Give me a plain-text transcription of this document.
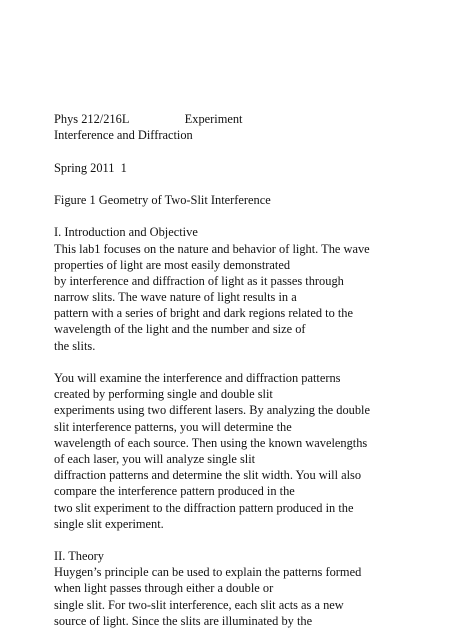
Phys 212/216L                  Experiment
Interference and Diffraction
Spring 2011  1
Figure 1 Geometry of Two-Slit Interference
I. Introduction and Objective
This lab1 focuses on the nature and behavior of light. The wave
properties of light are most easily demonstrated
by interference and diffraction of light as it passes through
narrow slits. The wave nature of light results in a
pattern with a series of bright and dark regions related to the
wavelength of the light and the number and size of
the slits.
You will examine the interference and diffraction patterns
created by performing single and double slit
experiments using two different lasers. By analyzing the double
slit interference patterns, you will determine the
wavelength of each source. Then using the known wavelengths
of each laser, you will analyze single slit
diffraction patterns and determine the slit width. You will also
compare the interference pattern produced in the
two slit experiment to the diffraction pattern produced in the
single slit experiment.
II. Theory
Huygen’s principle can be used to explain the patterns formed
when light passes through either a double or
single slit. For two-slit interference, each slit acts as a new
source of light. Since the slits are illuminated by the
